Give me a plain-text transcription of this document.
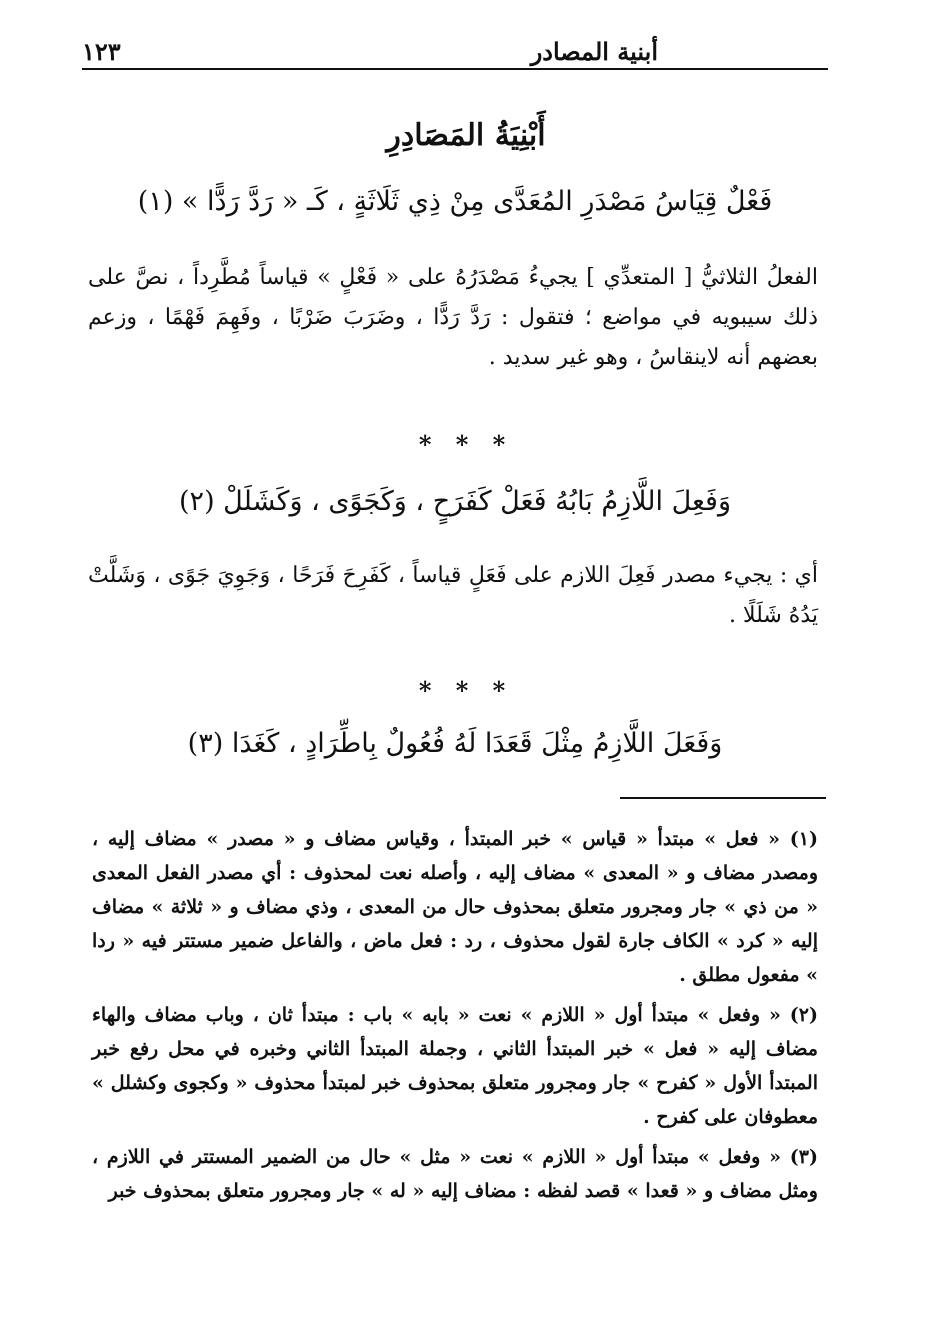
١٢٣	أبنية المصادر
أَبْنِيَةُ المَصَادِرِ
فَعْلٌ قِيَاسُ مَصْدَرِ المُعَدَّى مِنْ ذِي ثَلَاثَةٍ ، كَـ « رَدَّ رَدًّا » (١)
الفعلُ الثلاثيُّ [ المتعدِّي ] يجيءُ مَصْدَرُهُ على « فَعْلٍ » قياساً مُطَّرِداً ، نصَّ على ذلك سيبويه في مواضع ؛ فتقول : رَدَّ رَدًّا ، وضَرَبَ ضَرْبًا ، وفَهِمَ فَهْمًا ، وزعم بعضهم أنه لاينقاسُ ، وهو غير سديد .
* * *
وَفَعِلَ اللَّازِمُ بَابُهُ فَعَلْ كَفَرَحٍ ، وَكَجَوًى ، وَكَشَلَلْ (٢)
أي : يجيء مصدر فَعِلَ اللازم على فَعَلٍ قياساً ، كَفَرِحَ فَرَحًا ، وَجَوِيَ جَوًى ، وَشَلَّتْ يَدُهُ شَلَلًا .
* * *
وَفَعَلَ اللَّازِمُ مِثْلَ قَعَدَا لَهُ فُعُولٌ بِاطِّرَادٍ ، كَغَدَا (٣)

(١) « فعل » مبتدأ « قياس » خبر المبتدأ ، وقياس مضاف و « مصدر » مضاف إليه ، ومصدر مضاف و « المعدى » مضاف إليه ، وأصله نعت لمحذوف : أي مصدر الفعل المعدى « من ذي » جار ومجرور متعلق بمحذوف حال من المعدى ، وذي مضاف و « ثلاثة » مضاف إليه « كرد » الكاف جارة لقول محذوف ، رد : فعل ماض ، والفاعل ضمير مستتر فيه « ردا » مفعول مطلق .

(٢) « وفعل » مبتدأ أول « اللازم » نعت « بابه » باب : مبتدأ ثان ، وباب مضاف والهاء مضاف إليه « فعل » خبر المبتدأ الثاني ، وجملة المبتدأ الثاني وخبره في محل رفع خبر المبتدأ الأول « كفرح » جار ومجرور متعلق بمحذوف خبر لمبتدأ محذوف « وكجوى وكشلل » معطوفان على كفرح .

(٣) « وفعل » مبتدأ أول « اللازم » نعت « مثل » حال من الضمير المستتر في اللازم ، ومثل مضاف و « قعدا » قصد لفظه : مضاف إليه « له » جار ومجرور متعلق بمحذوف خبر
